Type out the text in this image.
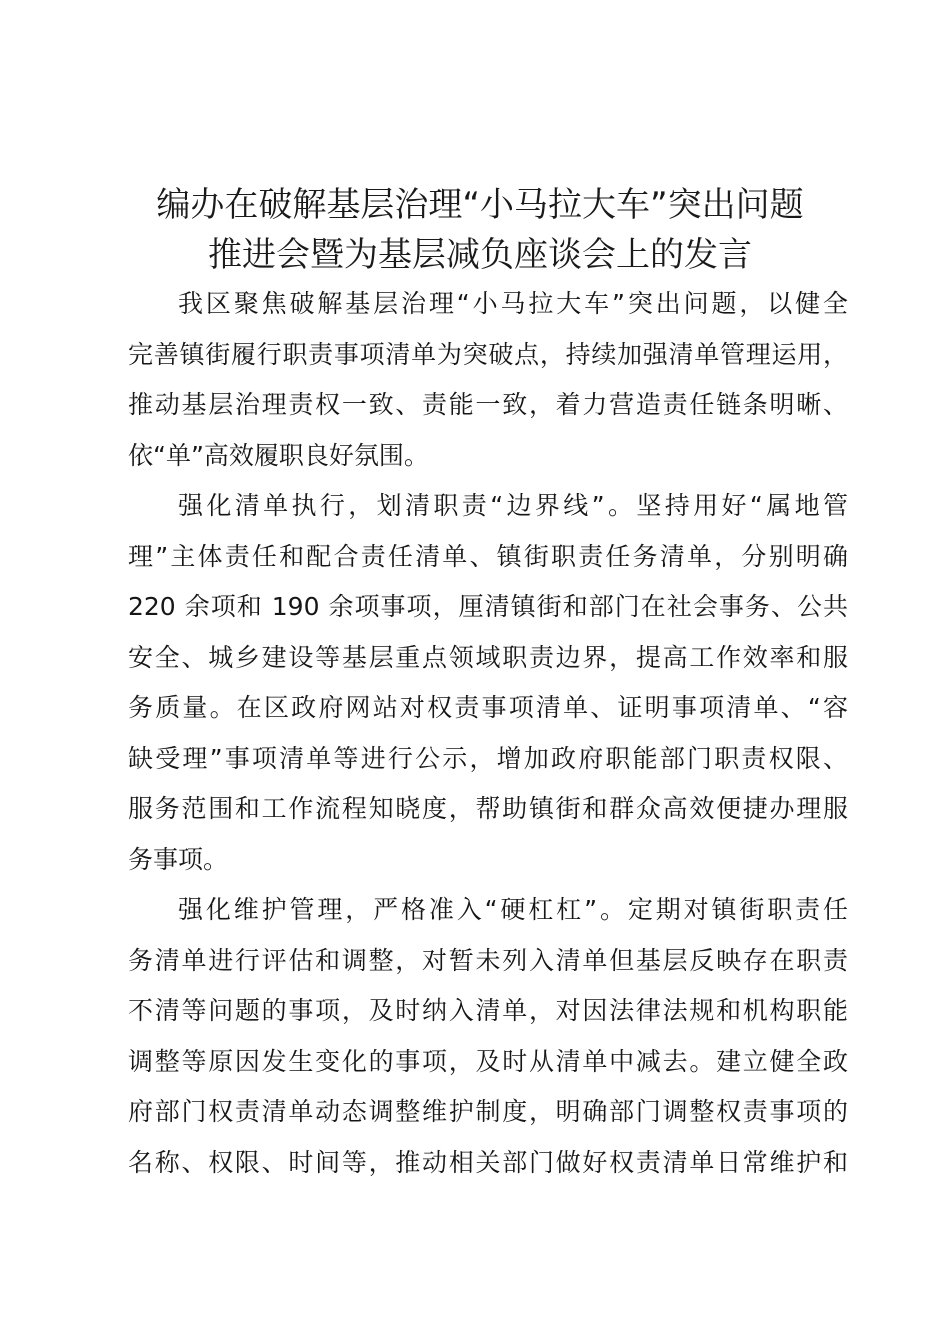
编办在破解基层治理“小马拉大车”突出问题
推进会暨为基层减负座谈会上的发言
我区聚焦破解基层治理“小马拉大车”突出问题，以健全
完善镇街履行职责事项清单为突破点，持续加强清单管理运用，
推动基层治理责权一致、责能一致，着力营造责任链条明晰、
依“单”高效履职良好氛围。
强化清单执行，划清职责“边界线”。坚持用好“属地管
理”主体责任和配合责任清单、镇街职责任务清单，分别明确
220 余项和 190 余项事项，厘清镇街和部门在社会事务、公共
安全、城乡建设等基层重点领域职责边界，提高工作效率和服
务质量。在区政府网站对权责事项清单、证明事项清单、“容
缺受理”事项清单等进行公示，增加政府职能部门职责权限、
服务范围和工作流程知晓度，帮助镇街和群众高效便捷办理服
务事项。
强化维护管理，严格准入“硬杠杠”。定期对镇街职责任
务清单进行评估和调整，对暂未列入清单但基层反映存在职责
不清等问题的事项，及时纳入清单，对因法律法规和机构职能
调整等原因发生变化的事项，及时从清单中减去。建立健全政
府部门权责清单动态调整维护制度，明确部门调整权责事项的
名称、权限、时间等，推动相关部门做好权责清单日常维护和
